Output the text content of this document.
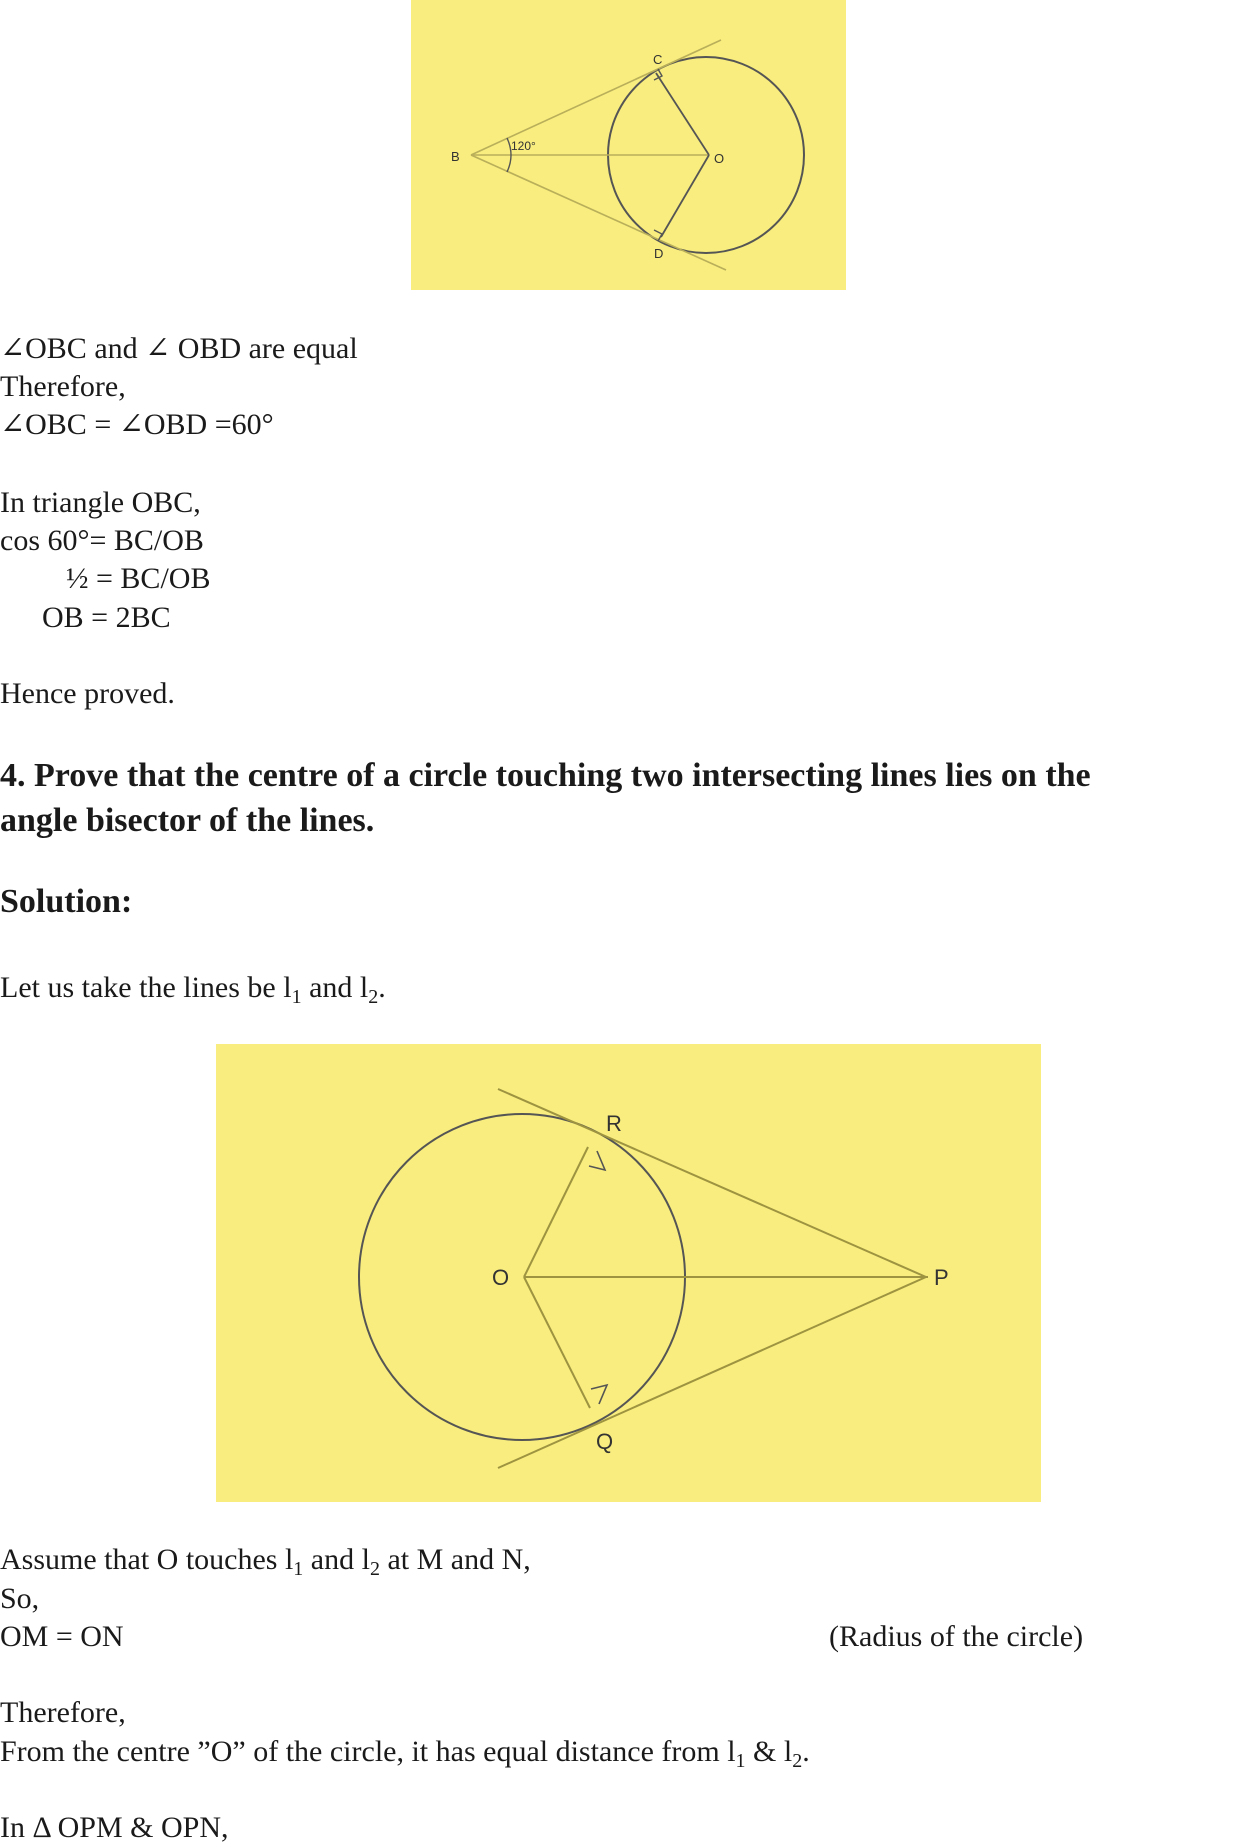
B
C
O
D
120°
∠OBC and ∠ OBD are equal
Therefore,
∠OBC = ∠OBD =60°
In triangle OBC,
cos 60°= BC/OB
½ = BC/OB
OB = 2BC
Hence proved.
4. Prove that the centre of a circle touching two intersecting lines lies on the
angle bisector of the lines.
Solution:
Let us take the lines be $l_1$ and $l_2$.
R
O	P
Q
Assume that O touches $l_1$ and $l_2$ at M and N,
So,
OM = ON	(Radius of the circle)
Therefore,
From the centre ”O” of the circle, it has equal distance from $l_1$ & $l_2$.
In Δ OPM & OPN,
